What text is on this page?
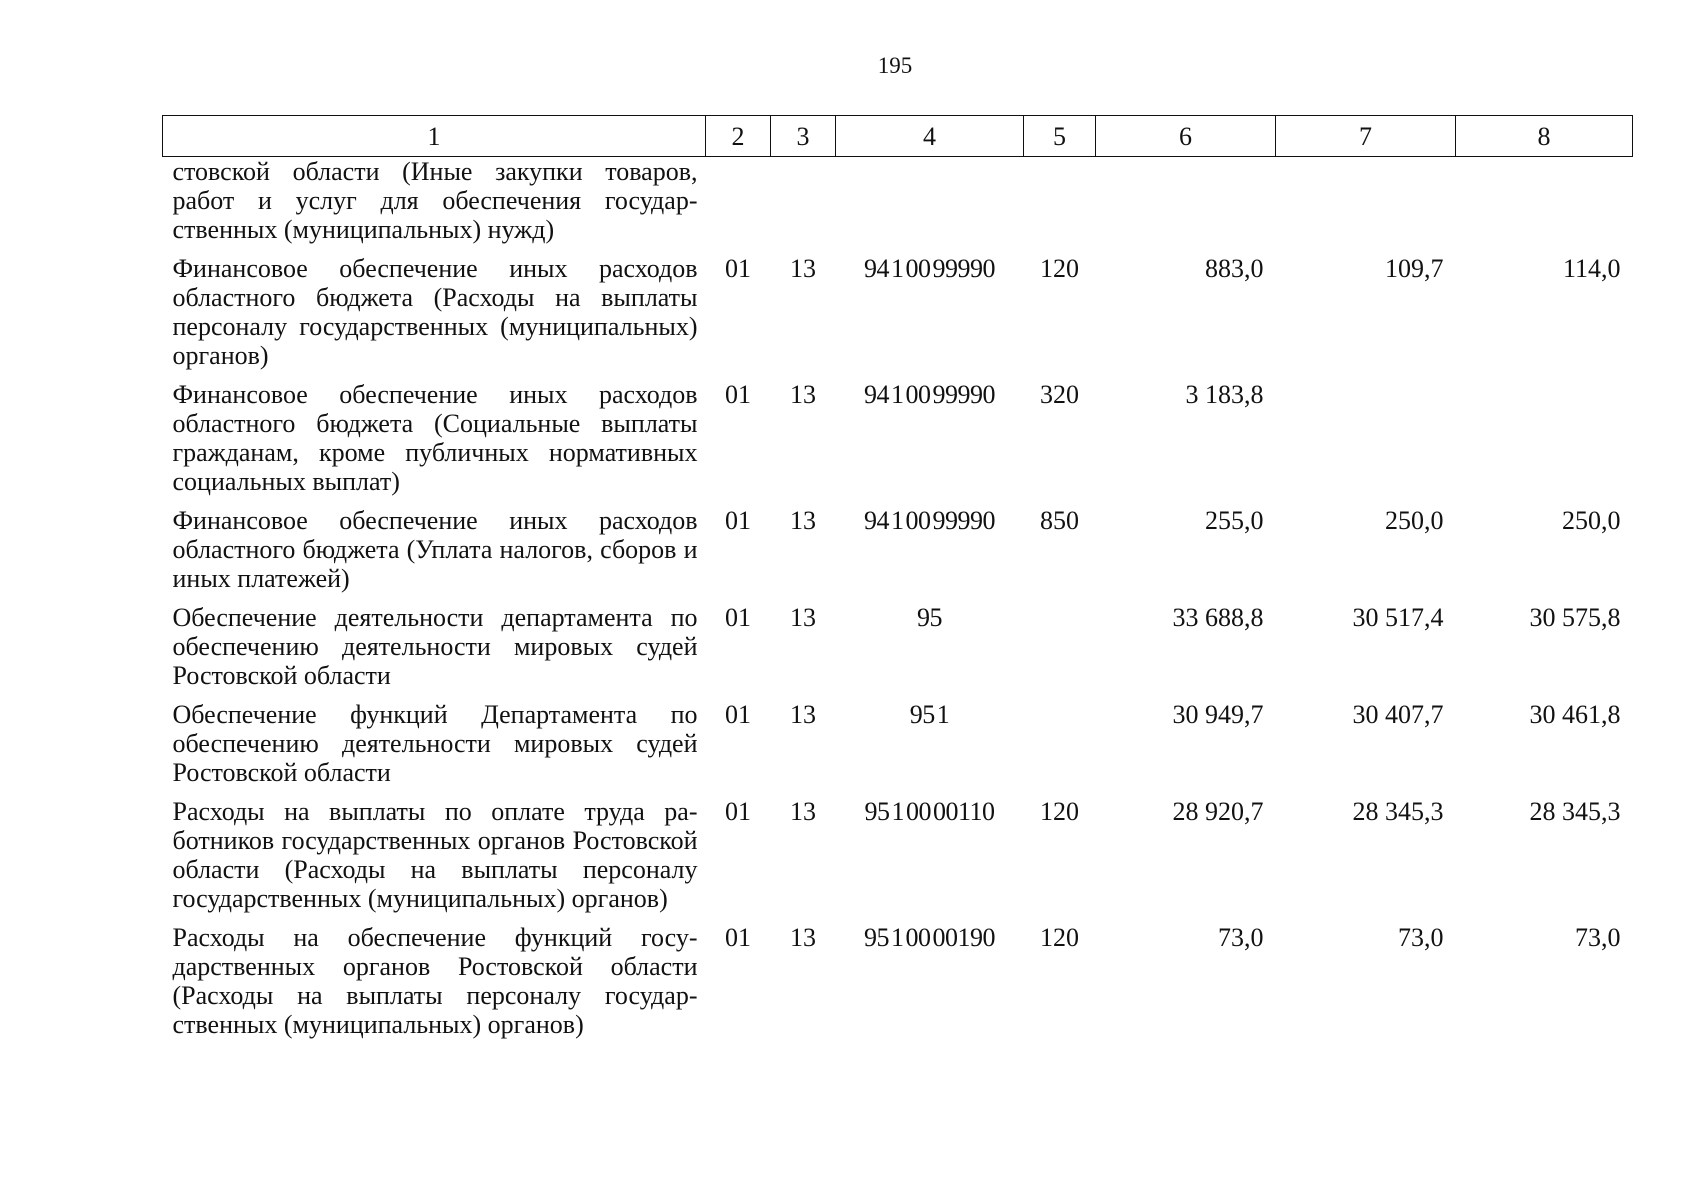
195
1	2	3	4	5	6	7	8
стовской области (Иные закупки товаров, работ и услуг для обеспечения государственных (муниципальных) нужд)							
Финансовое обеспечение иных расходов областного бюджета (Расходы на выплаты персоналу государственных (муниципальных) органов)	01	13	94 1 00 99990	120	883,0	109,7	114,0
Финансовое обеспечение иных расходов областного бюджета (Социальные выплаты гражданам, кроме публичных нормативных социальных выплат)	01	13	94 1 00 99990	320	3 183,8		
Финансовое обеспечение иных расходов областного бюджета (Уплата налогов, сборов и иных платежей)	01	13	94 1 00 99990	850	255,0	250,0	250,0
Обеспечение деятельности департамента по обеспечению деятельности мировых судей Ростовской области	01	13	95		33 688,8	30 517,4	30 575,8
Обеспечение функций Департамента по обеспечению деятельности мировых судей Ростовской области	01	13	95 1		30 949,7	30 407,7	30 461,8
Расходы на выплаты по оплате труда работников государственных органов Ростовской области (Расходы на выплаты персоналу государственных (муниципальных) органов)	01	13	95 1 00 00110	120	28 920,7	28 345,3	28 345,3
Расходы на обеспечение функций государственных органов Ростовской области (Расходы на выплаты персоналу государственных (муниципальных) органов)	01	13	95 1 00 00190	120	73,0	73,0	73,0
